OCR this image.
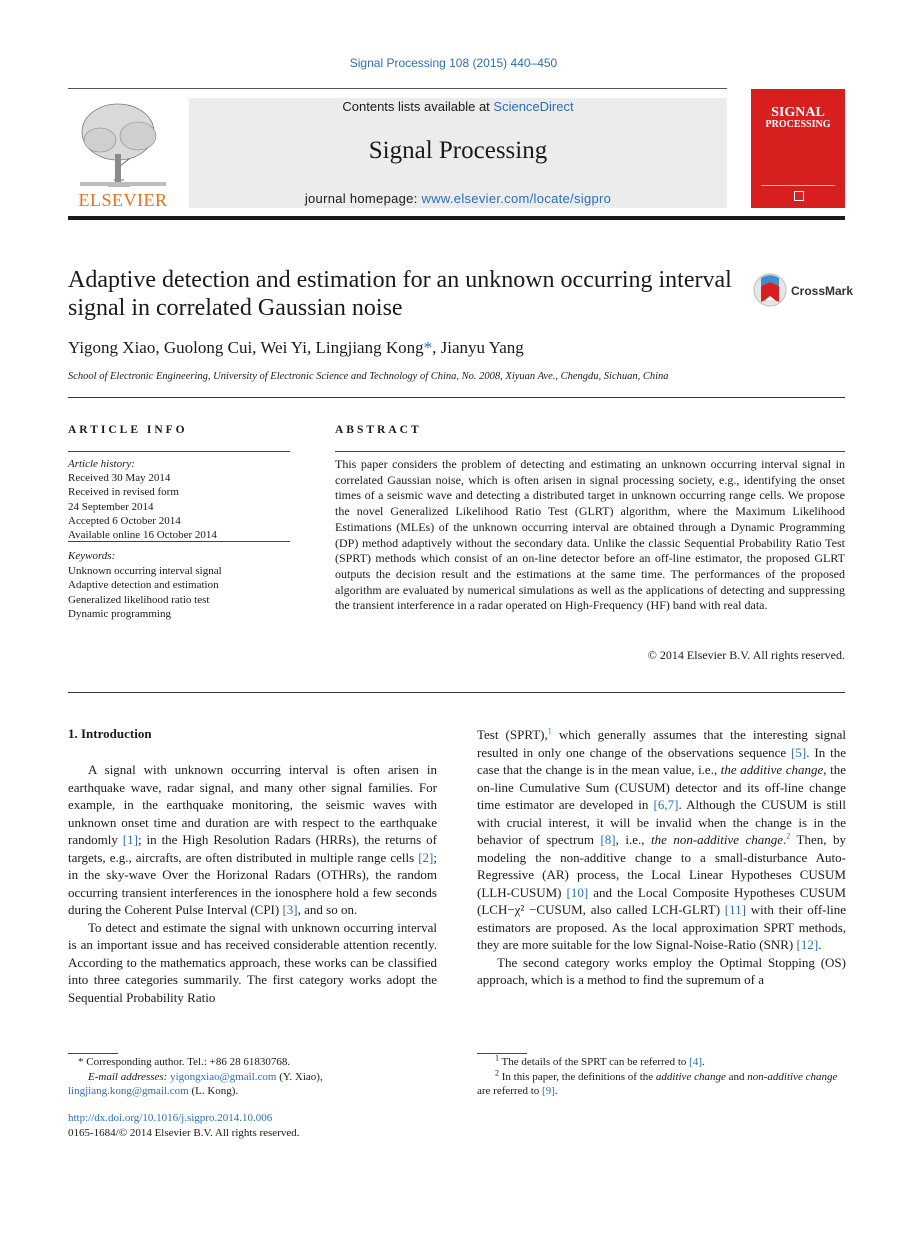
Signal Processing 108 (2015) 440–450
ELSEVIER
Contents lists available at ScienceDirect
Signal Processing
journal homepage: www.elsevier.com/locate/sigpro
SIGNAL
PROCESSING
Adaptive detection and estimation for an unknown occurring interval signal in correlated Gaussian noise
CrossMark
Yigong Xiao, Guolong Cui, Wei Yi, Lingjiang Kong*, Jianyu Yang
School of Electronic Engineering, University of Electronic Science and Technology of China, No. 2008, Xiyuan Ave., Chengdu, Sichuan, China
ARTICLE INFO
Article history:
Received 30 May 2014
Received in revised form
24 September 2014
Accepted 6 October 2014
Available online 16 October 2014
Keywords:
Unknown occurring interval signal
Adaptive detection and estimation
Generalized likelihood ratio test
Dynamic programming
ABSTRACT
This paper considers the problem of detecting and estimating an unknown occurring interval signal in correlated Gaussian noise, which is often arisen in signal processing society, e.g., identifying the onset times of a seismic wave and detecting a distributed target in unknown occurring range cells. We propose the novel Generalized Likelihood Ratio Test (GLRT) algorithm, where the Maximum Likelihood Estimations (MLEs) of the unknown occurring interval are obtained through a Dynamic Programming (DP) method adaptively without the secondary data. Unlike the classic Sequential Probability Ratio Test (SPRT) methods which consist of an on-line detector before an off-line estimator, the proposed GLRT outputs the decision result and the estimations at the same time. The performances of the proposed algorithm are evaluated by numerical simulations as well as the applications of detecting and suppressing the transient interference in a radar operated on High-Frequency (HF) band with real data.
© 2014 Elsevier B.V. All rights reserved.
1. Introduction

A signal with unknown occurring interval is often arisen in earthquake wave, radar signal, and many other signal families. For example, in the earthquake monitoring, the seismic waves with unknown onset time and duration are with respect to the earthquake randomly [1]; in the High Resolution Radars (HRRs), the returns of targets, e.g., aircrafts, are often distributed in multiple range cells [2]; in the sky-wave Over the Horizonal Radars (OTHRs), the random occurring transient interferences in the ionosphere hold a few seconds during the Coherent Pulse Interval (CPI) [3], and so on.

To detect and estimate the signal with unknown occurring interval is an important issue and has received considerable attention recently. According to the mathematics approach, these works can be classified into three categories summarily. The first category works adopt the Sequential Probability Ratio

Test (SPRT),$^1$ which generally assumes that the interesting signal resulted in only one change of the observations sequence [5]. In the case that the change is in the mean value, i.e., the additive change, the on-line Cumulative Sum (CUSUM) detector and its off-line change time estimator are developed in [6,7]. Although the CUSUM is still with crucial interest, it will be invalid when the change is in the behavior of spectrum [8], i.e., the non-additive change.$^2$ Then, by modeling the non-additive change to a small-disturbance Auto-Regressive (AR) process, the Local Linear Hypotheses CUSUM (LLH-CUSUM) [10] and the Local Composite Hypotheses CUSUM (LCH−χ² −CUSUM, also called LCH-GLRT) [11] with their off-line estimators are proposed. As the local approximation SPRT methods, they are more suitable for the low Signal-Noise-Ratio (SNR) [12].

The second category works employ the Optimal Stopping (OS) approach, which is a method to find the supremum of a

* Corresponding author. Tel.: +86 28 61830768.
E-mail addresses: yigongxiao@gmail.com (Y. Xiao),
lingjiang.kong@gmail.com (L. Kong).
http://dx.doi.org/10.1016/j.sigpro.2014.10.006
0165-1684/© 2014 Elsevier B.V. All rights reserved.
$^1$ The details of the SPRT can be referred to [4].
$^2$ In this paper, the definitions of the additive change and non-additive change
are referred to [9].
